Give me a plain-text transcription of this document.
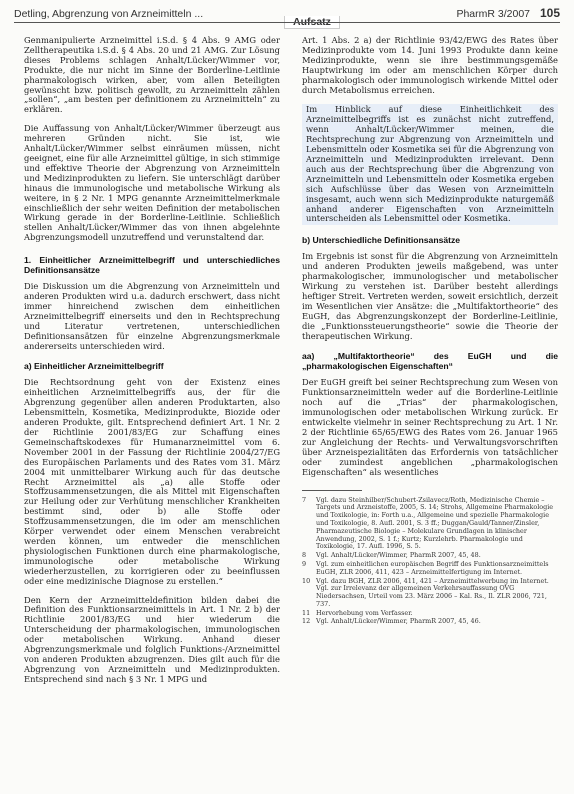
Detling, Abgrenzung von Arzneimitteln ...
Aufsatz
PharmR 3/2007 105

Genmanipulierte Arzneimittel i.S.d. § 4 Abs. 9 AMG oder Zelltherapeutika i.S.d. § 4 Abs. 20 und 21 AMG. Zur Lösung dieses Problems schlagen Anhalt/Lücker/Wimmer vor, Produkte, die nur nicht im Sinne der Borderline-Leitlinie pharmakologisch wirken, aber, vom allen Beteiligten gewünscht bzw. politisch gewollt, zu Arzneimitteln zählen „sollen“, „am besten per definitionem zu Arzneimitteln“ zu erklären.

Die Auffassung von Anhalt/Lücker/Wimmer überzeugt aus mehreren Gründen nicht. Sie ist, wie Anhalt/Lücker/Wimmer selbst einräumen müssen, nicht geeignet, eine für alle Arzneimittel gültige, in sich stimmige und effektive Theorie der Abgrenzung von Arzneimitteln und Medizinprodukten zu liefern. Sie unterschlägt darüber hinaus die immunologische und metabolische Wirkung als weitere, in § 2 Nr. 1 MPG genannte Arzneimittelmerkmale einschließlich der sehr weiten Definition der metabolischen Wirkung gerade in der Borderline-Leitlinie. Schließlich stellen Anhalt/Lücker/Wimmer das von ihnen abgelehnte Abgrenzungsmodell unzutreffend und verunstaltend dar.

1. Einheitlicher Arzneimittelbegriff und unterschiedliches Definitionsansätze

Die Diskussion um die Abgrenzung von Arzneimitteln und anderen Produkten wird u.a. dadurch erschwert, dass nicht immer hinreichend zwischen dem einheitlichen Arzneimittelbegriff einerseits und den in Rechtsprechung und Literatur vertretenen, unterschiedlichen Definitionsansätzen für einzelne Abgrenzungsmerkmale andererseits unterschieden wird.

a) Einheitlicher Arzneimittelbegriff

Die Rechtsordnung geht von der Existenz eines einheitlichen Arzneimittelbegriffs aus, der für die Abgrenzung gegenüber allen anderen Produktarten, also Lebensmitteln, Kosmetika, Medizinprodukte, Biozide oder anderen Produkte, gilt. Entsprechend definiert Art. 1 Nr. 2 der Richtlinie 2001/83/EG zur Schaffung eines Gemeinschaftskodexes für Humanarzneimittel vom 6. November 2001 in der Fassung der Richtlinie 2004/27/EG des Europäischen Parlaments und des Rates vom 31. März 2004 mit unmittelbarer Wirkung auch für das deutsche Recht Arzneimittel als „a) alle Stoffe oder Stoffzusammensetzungen, die als Mittel mit Eigenschaften zur Heilung oder zur Verhütung menschlicher Krankheiten bestimmt sind, oder b) alle Stoffe oder Stoffzusammensetzungen, die im oder am menschlichen Körper verwendet oder einem Menschen verabreicht werden können, um entweder die menschlichen physiologischen Funktionen durch eine pharmakologische, immunologische oder metabolische Wirkung wiederherzustellen, zu korrigieren oder zu beeinflussen oder eine medizinische Diagnose zu erstellen.“

Den Kern der Arzneimitteldefinition bilden dabei die Definition des Funktionsarzneimittels in Art. 1 Nr. 2 b) der Richtlinie 2001/83/EG und hier wiederum die Unterscheidung der pharmakologischen, immunologischen oder metabolischen Wirkung. Anhand dieser Abgrenzungsmerkmale und folglich Funktions-/Arzneimittel von anderen Produkten abzugrenzen. Dies gilt auch für die Abgrenzung von Arzneimitteln und Medizinprodukten. Entsprechend sind nach § 3 Nr. 1 MPG und

Art. 1 Abs. 2 a) der Richtlinie 93/42/EWG des Rates über Medizinprodukte vom 14. Juni 1993 Produkte dann keine Medizinprodukte, wenn sie ihre bestimmungsgemäße Hauptwirkung im oder am menschlichen Körper durch pharmakologisch oder immunologisch wirkende Mittel oder durch Metabolismus erreichen.

Im Hinblick auf diese Einheitlichkeit des Arzneimittelbegriffs ist es zunächst nicht zutreffend, wenn Anhalt/Lücker/Wimmer meinen, die Rechtsprechung zur Abgrenzung von Arzneimitteln und Lebensmitteln oder Kosmetika sei für die Abgrenzung von Arzneimitteln und Medizinprodukten irrelevant. Denn auch aus der Rechtsprechung über die Abgrenzung von Arzneimitteln und Lebensmitteln oder Kosmetika ergeben sich Aufschlüsse über das Wesen von Arzneimitteln insgesamt, auch wenn sich Medizinprodukte naturgemäß anhand anderer Eigenschaften von Arzneimitteln unterscheiden als Lebensmittel oder Kosmetika.

b) Unterschiedliche Definitionsansätze

Im Ergebnis ist sonst für die Abgrenzung von Arzneimitteln und anderen Produkten jeweils maßgebend, was unter pharmakologischer, immunologischer und metabolischer Wirkung zu verstehen ist. Darüber besteht allerdings heftiger Streit. Vertreten werden, soweit ersichtlich, derzeit im Wesentlichen vier Ansätze: die „Multifaktortheorie“ des EuGH, das Abgrenzungskonzept der Borderline-Leitlinie, die „Funktionssteuerungstheorie“ sowie die Theorie der therapeutischen Wirkung.

aa) „Multifaktortheorie“ des EuGH und die „pharmakologischen Eigenschaften“

Der EuGH greift bei seiner Rechtsprechung zum Wesen von Funktionsarzneimitteln weder auf die Borderline-Leitlinie noch auf die „Trias“ der pharmakologischen, immunologischen oder metabolischen Wirkung zurück. Er entwickelte vielmehr in seiner Rechtsprechung zu Art. 1 Nr. 2 der Richtlinie 65/65/EWG des Rates vom 26. Januar 1965 zur Angleichung der Rechts- und Verwaltungsvorschriften über Arzneispezialitäten das Erfordernis von tatsächlicher oder zumindest angeblichen „pharmakologischen Eigenschaften“ als wesentliches

7	Vgl. dazu Steinhilber/Schubert-Zsilavecz/Roth, Medizinische Chemie – Targets und Arzneistoffe, 2005, S. 14; Strohs, Allgemeine Pharmakologie und Toxikologie, in: Forth u.a., Allgemeine und spezielle Pharmakologie und Toxikologie, 8. Aufl. 2001, S. 3 ff.; Duggan/Gauld/Tanner/Zinsler, Pharmazeutische Biologie – Molekulare Grundlagen in klinischer Anwendung, 2002, S. 1 f.; Kurtz; Kurzlehrb. Pharmakologie und Toxikologie, 17. Aufl. 1996, S. 5.
8	Vgl. Anhalt/Lücker/Wimmer, PharmR 2007, 45, 48.
9	Vgl. zum einheitlichen europäischen Begriff des Funktionsarzneimittels EuGH, ZLR 2006, 411, 423 – Arzneimittelfertigung im Internet.
10 Vgl. dazu BGH, ZLR 2006, 411, 421 – Arzneimittelwerbung im Internet. Vgl. zur Irrelevanz der allgemeinen Verkehrsauffassung OVG Niedersachsen, Urteil vom 23. März 2006 – Kal. Rs., Il. ZLR 2006, 721, 737.
11 Hervorhebung vom Verfasser.
12 Vgl. Anhalt/Lücker/Wimmer, PharmR 2007, 45, 46.
